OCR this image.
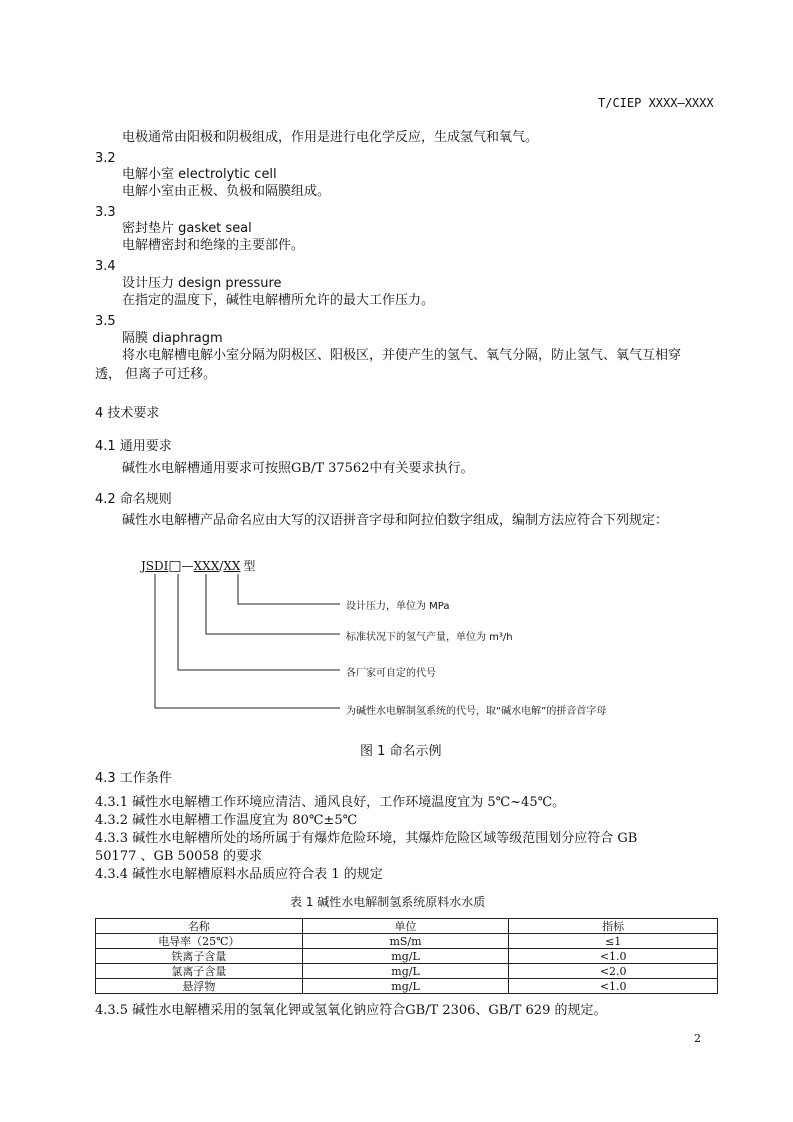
T/CIEP XXXX—XXXX
电极通常由阳极和阴极组成，作用是进行电化学反应，生成氢气和氧气。
3.2
电解小室 electrolytic cell
电解小室由正极、负极和隔膜组成。
3.3
密封垫片 gasket seal
电解槽密封和绝缘的主要部件。
3.4
设计压力 design pressure
在指定的温度下，碱性电解槽所允许的最大工作压力。
3.5
隔膜 diaphragm
将水电解槽电解小室分隔为阴极区、阳极区，并使产生的氢气、氧气分隔，防止氢气、氧气互相穿
透， 但离子可迁移。
4 技术要求
4.1 通用要求
碱性水电解槽通用要求可按照GB/T 37562中有关要求执行。
4.2 命名规则
碱性水电解槽产品命名应由大写的汉语拼音字母和阿拉伯数字组成，编制方法应符合下列规定：
JSDI□—XXX/XX 型
设计压力，单位为 MPa
标准状况下的氢气产量，单位为 m³/h
各厂家可自定的代号
为碱性水电解制氢系统的代号，取“碱水电解”的拼音首字母
图 1 命名示例
4.3 工作条件
4.3.1 碱性水电解槽工作环境应清洁、通风良好，工作环境温度宜为 5℃~45℃。
4.3.2 碱性水电解槽工作温度宜为 80℃±5℃
4.3.3 碱性水电解槽所处的场所属于有爆炸危险环境，其爆炸危险区域等级范围划分应符合 GB
50177 、GB 50058 的要求
4.3.4 碱性水电解槽原料水品质应符合表 1 的规定
表 1 碱性水电解制氢系统原料水水质
名称	单位	指标
电导率（25℃）	mS/m	≤1
铁离子含量	mg/L	<1.0
氯离子含量	mg/L	<2.0
悬浮物	mg/L	<1.0
4.3.5 碱性水电解槽采用的氢氧化钾或氢氧化钠应符合GB/T 2306、GB/T 629 的规定。
2
